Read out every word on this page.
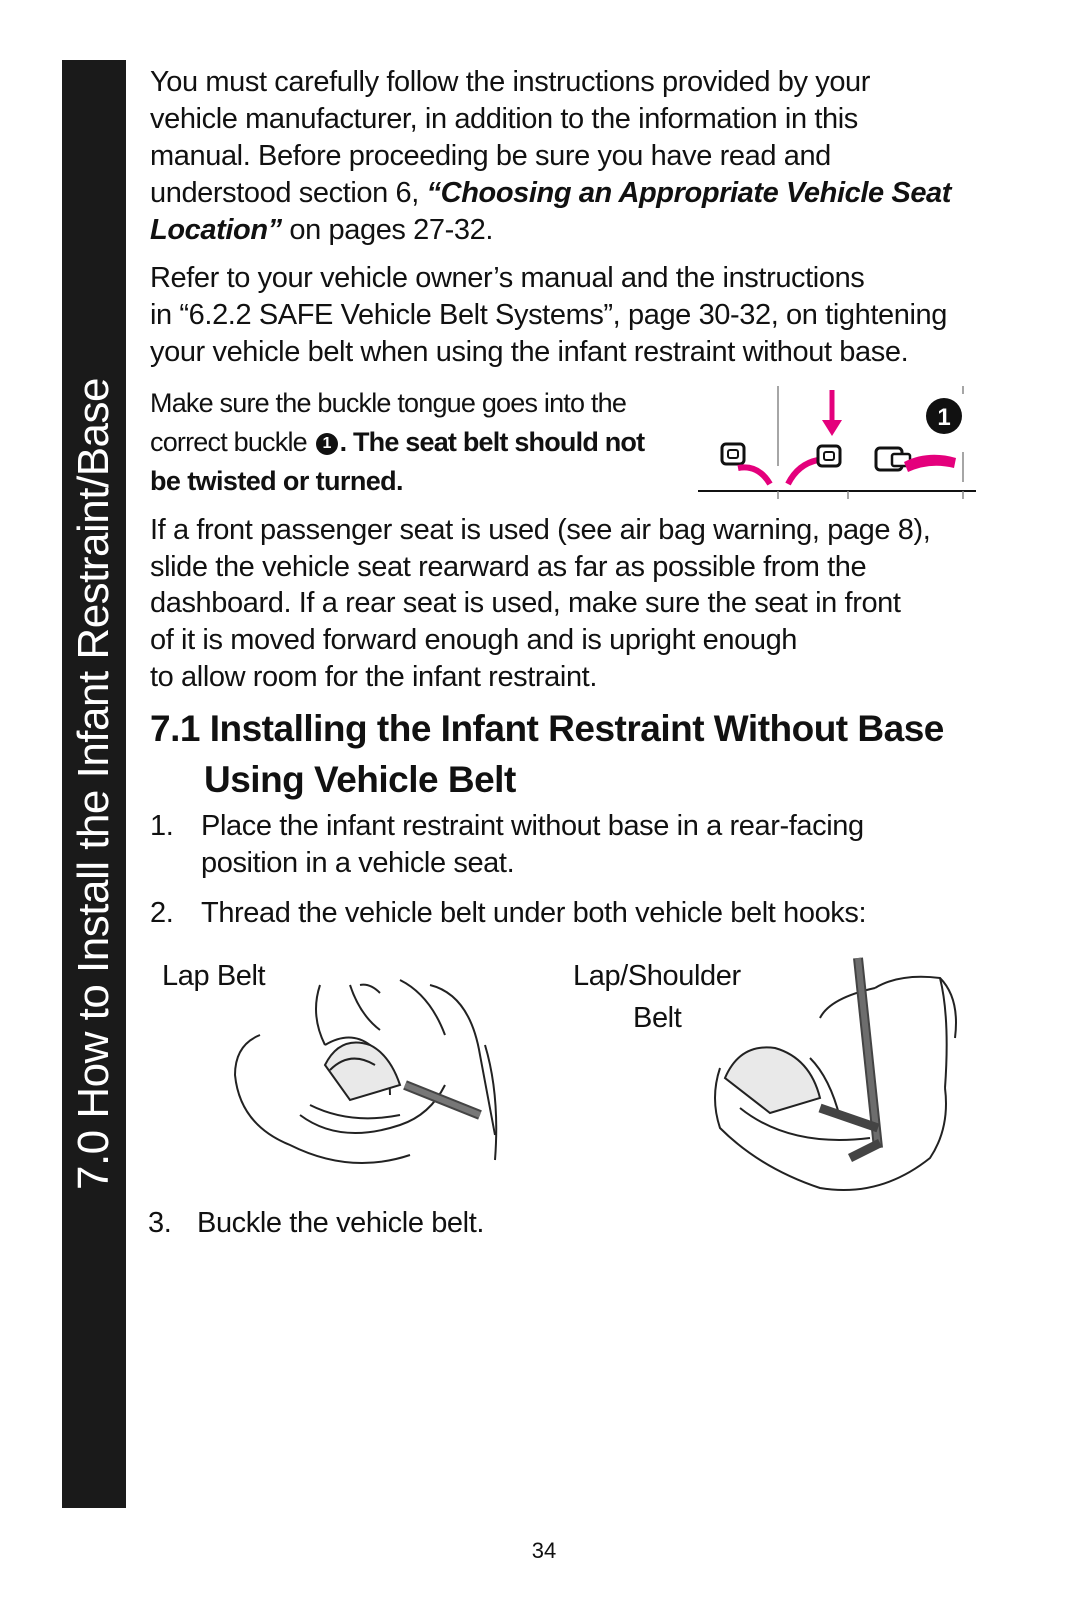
7.0 How to Install the Infant Restraint/Base
You must carefully follow the instructions provided by your
vehicle manufacturer, in addition to the information in this
manual. Before proceeding be sure you have read and
understood section 6, “Choosing an Appropriate Vehicle Seat
Location” on pages 27-32.
Refer to your vehicle owner’s manual and the instructions
in “6.2.2 SAFE Vehicle Belt Systems”, page 30-32, on tightening
your vehicle belt when using the infant restraint without base.
Make sure the buckle tongue goes into the
correct buckle 1 . The seat belt should not
be twisted or turned.
1
If a front passenger seat is used (see air bag warning, page 8),
slide the vehicle seat rearward as far as possible from the
dashboard. If a rear seat is used, make sure the seat in front
of it is moved forward enough and is upright enough
to allow room for the infant restraint.
7.1 Installing the Infant Restraint Without Base
Using Vehicle Belt
1. Place the infant restraint without base in a rear-facing
position in a vehicle seat.
2. Thread the vehicle belt under both vehicle belt hooks:
Lap Belt	Lap/Shoulder
Belt
3. Buckle the vehicle belt.
34
